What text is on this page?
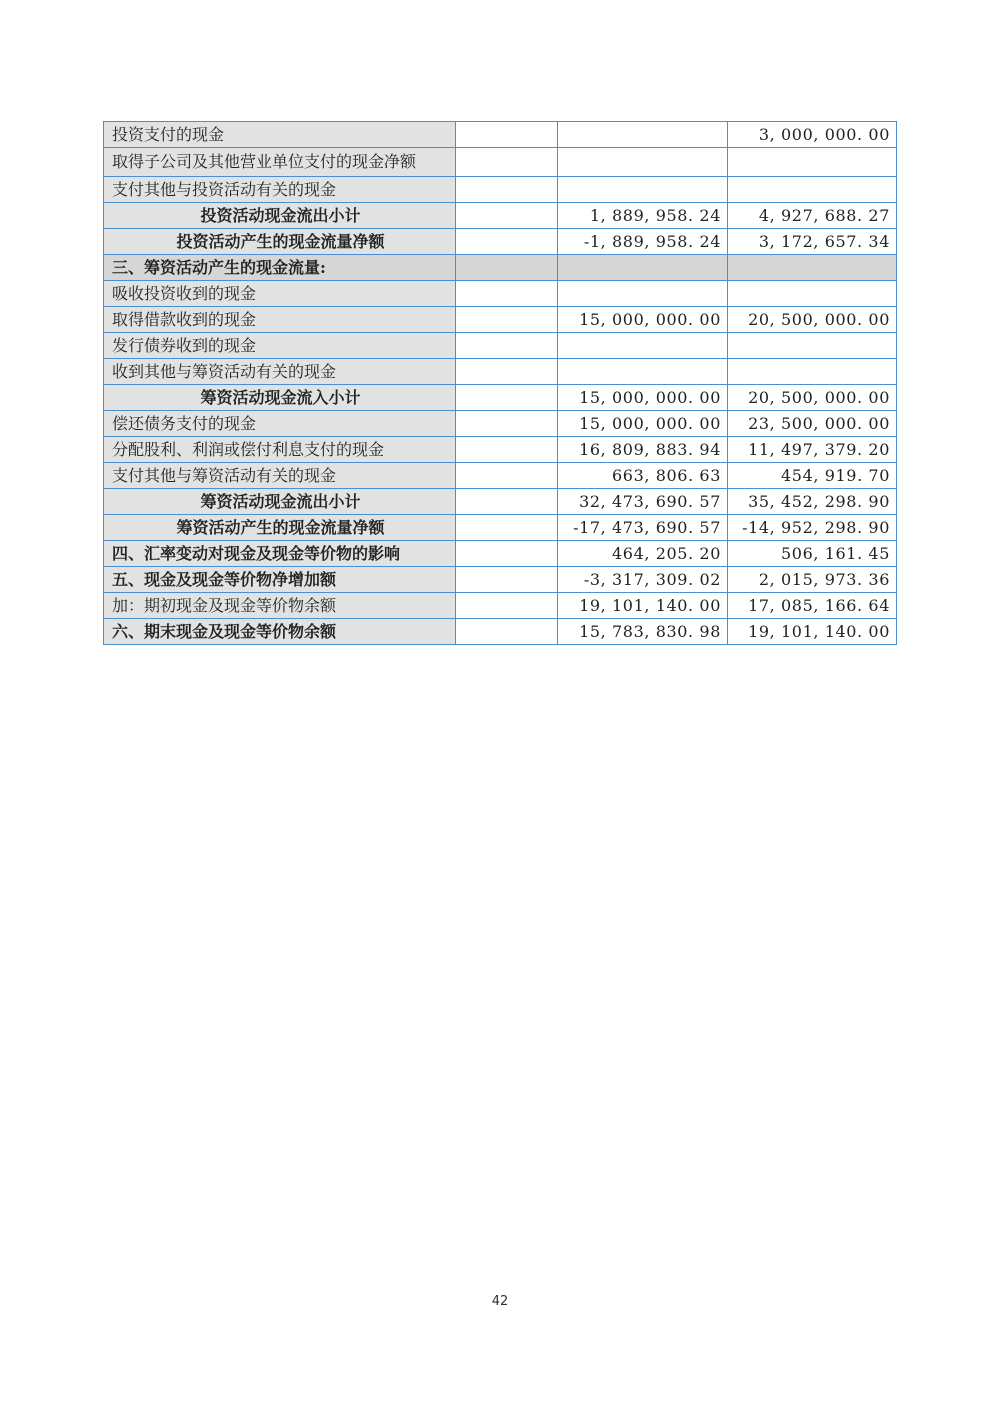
投资支付的现金			3, 000, 000. 00
取得子公司及其他营业单位支付的现金净额			
支付其他与投资活动有关的现金			
投资活动现金流出小计		1, 889, 958. 24	4, 927, 688. 27
投资活动产生的现金流量净额		-1, 889, 958. 24	3, 172, 657. 34
三、筹资活动产生的现金流量:			
吸收投资收到的现金			
取得借款收到的现金		15, 000, 000. 00	20, 500, 000. 00
发行债券收到的现金			
收到其他与筹资活动有关的现金			
筹资活动现金流入小计		15, 000, 000. 00	20, 500, 000. 00
偿还债务支付的现金		15, 000, 000. 00	23, 500, 000. 00
分配股利、利润或偿付利息支付的现金		16, 809, 883. 94	11, 497, 379. 20
支付其他与筹资活动有关的现金		663, 806. 63	454, 919. 70
筹资活动现金流出小计		32, 473, 690. 57	35, 452, 298. 90
筹资活动产生的现金流量净额		-17, 473, 690. 57	-14, 952, 298. 90
四、汇率变动对现金及现金等价物的影响		464, 205. 20	506, 161. 45
五、现金及现金等价物净增加额		-3, 317, 309. 02	2, 015, 973. 36
加：期初现金及现金等价物余额		19, 101, 140. 00	17, 085, 166. 64
六、期末现金及现金等价物余额		15, 783, 830. 98	19, 101, 140. 00
42
